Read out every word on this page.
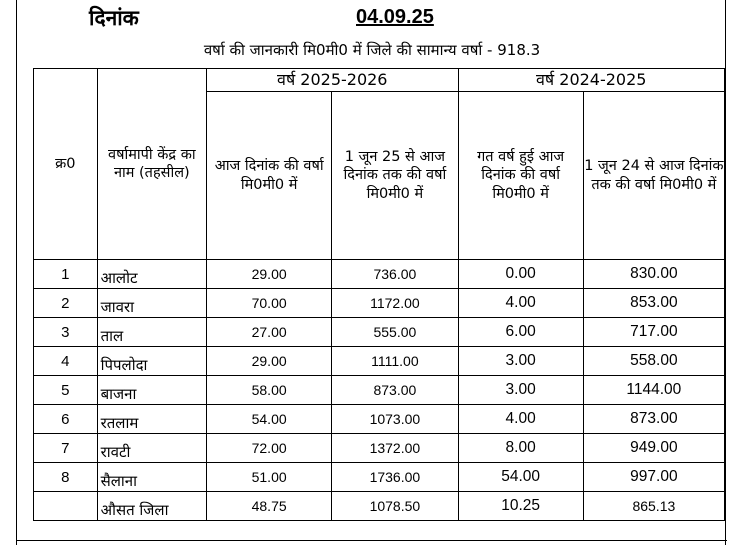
दिनांक	04.09.25
वर्षा की जानकारी मि0मी0 में जिले की सामान्य वर्षा - 918.3
क्र0	वर्षामापी केंद्र का नाम (तहसील)	वर्ष 2025-2026		वर्ष 2024-2025	
		आज दिनांक की वर्षा मि0मी0 में	1 जून 25 से आज दिनांक तक की वर्षा मि0मी0 में	गत वर्ष हुई आज दिनांक की वर्षा मि0मी0 में	1 जून 24 से आज दिनांक तक की वर्षा मि0मी0 में
1	आलोट	29.00	736.00	0.00	830.00
2	जावरा	70.00	1172.00	4.00	853.00
3	ताल	27.00	555.00	6.00	717.00
4	पिपलोदा	29.00	1111.00	3.00	558.00
5	बाजना	58.00	873.00	3.00	1144.00
6	रतलाम	54.00	1073.00	4.00	873.00
7	रावटी	72.00	1372.00	8.00	949.00
8	सैलाना	51.00	1736.00	54.00	997.00
	औसत जिला	48.75	1078.50	10.25	865.13
